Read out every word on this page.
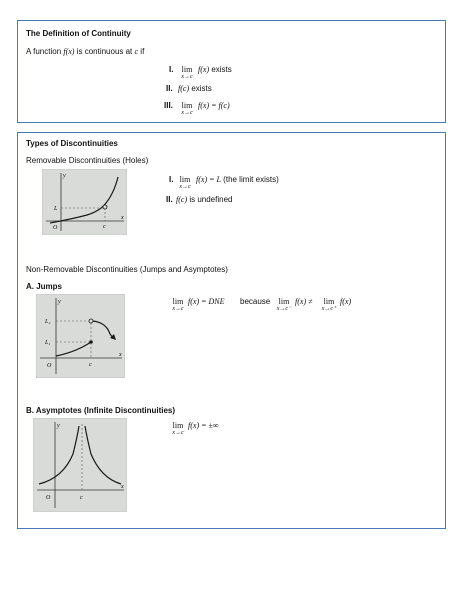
The Definition of Continuity
A function f(x) is continuous at c if
I.	lim
x→c
f(x) exists
II. f(c) exists
III.	lim
x→c
f(x) = f(c)
Types of Discontinuities
Removable Discontinuities (Holes)
y
x
O
L
c
I. lim
x→c
f(x) = L (the limit exists)
II. f(c) is undefined
Non-Removable Discontinuities (Jumps and Asymptotes)
A. Jumps
y
x
O
L₂
L₁
c
lim
x→c
f(x) = DNE because	lim
x→c⁻
f(x) ≠	lim
x→c⁺
f(x)
B. Asymptotes (Infinite Discontinuities)
y
x
O	c
lim
x→c
f(x) = ±∞
